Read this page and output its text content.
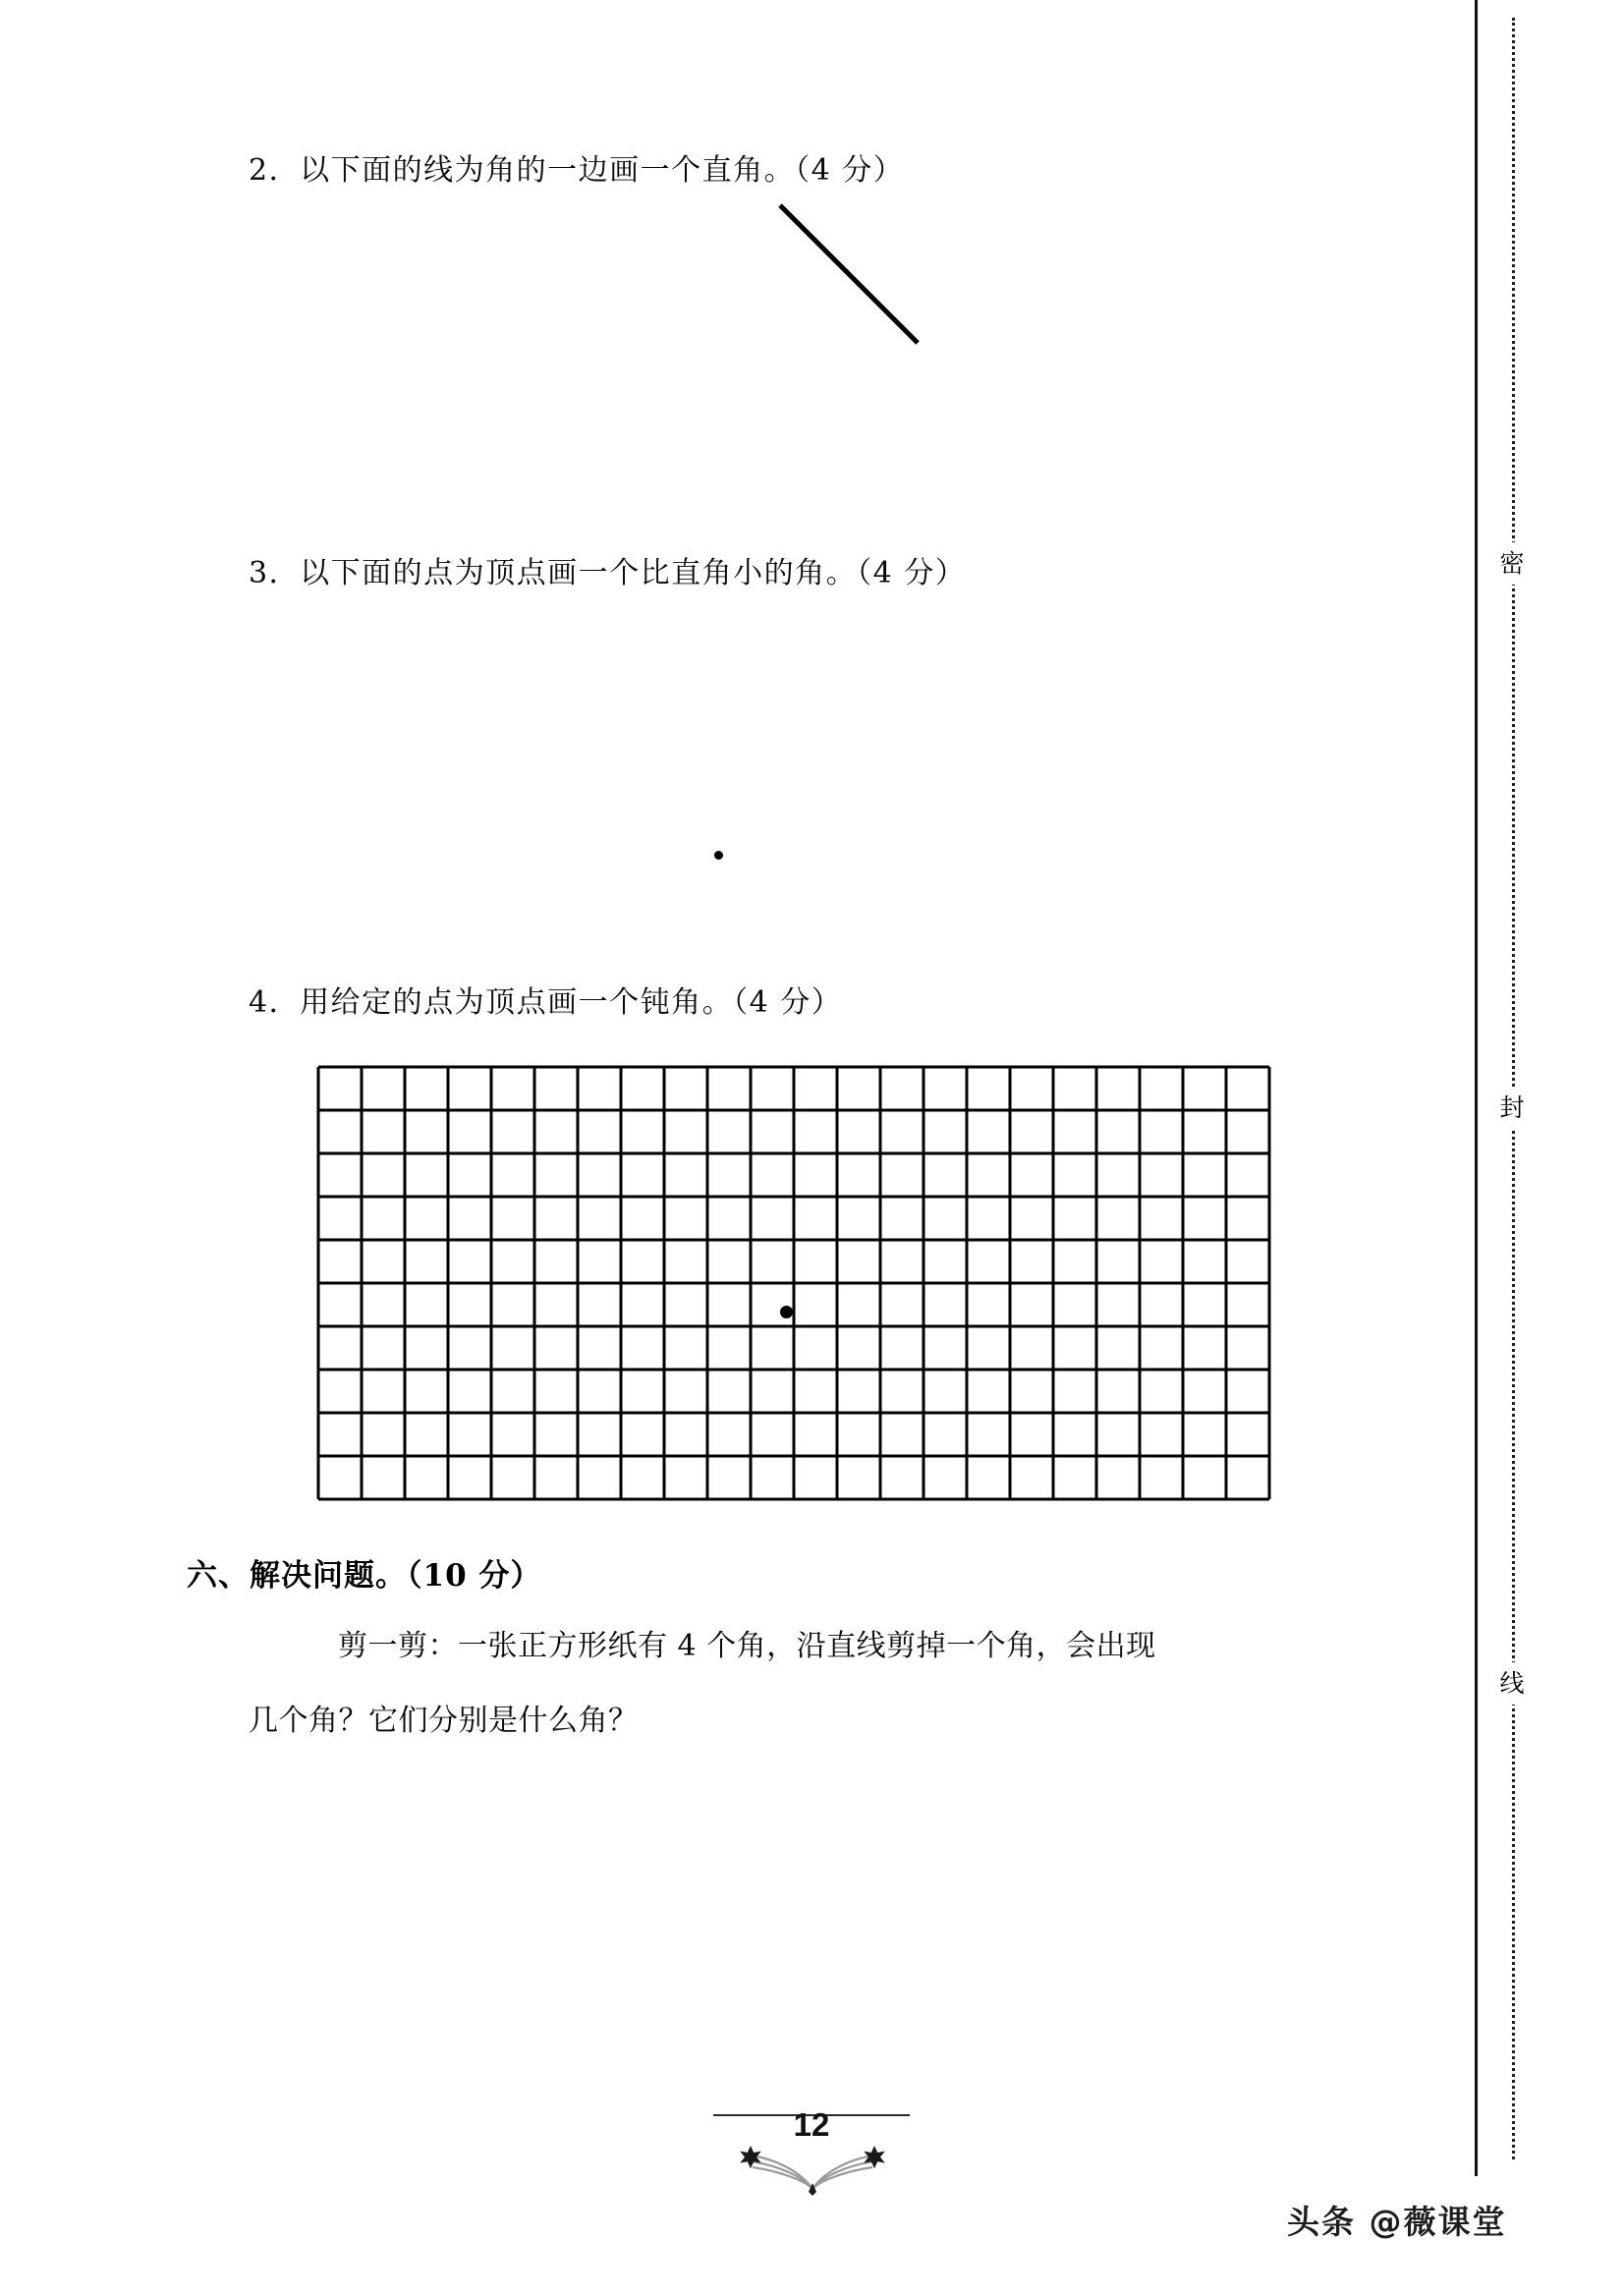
密
封
线
2．以下面的线为角的一边画一个直角。（4 分）
3．以下面的点为顶点画一个比直角小的角。（4 分）
4．用给定的点为顶点画一个钝角。（4 分）
六、解决问题。（10 分）
剪一剪：一张正方形纸有 4 个角，沿直线剪掉一个角，会出现
几个角？它们分别是什么角？
12
头条 @薇课堂
